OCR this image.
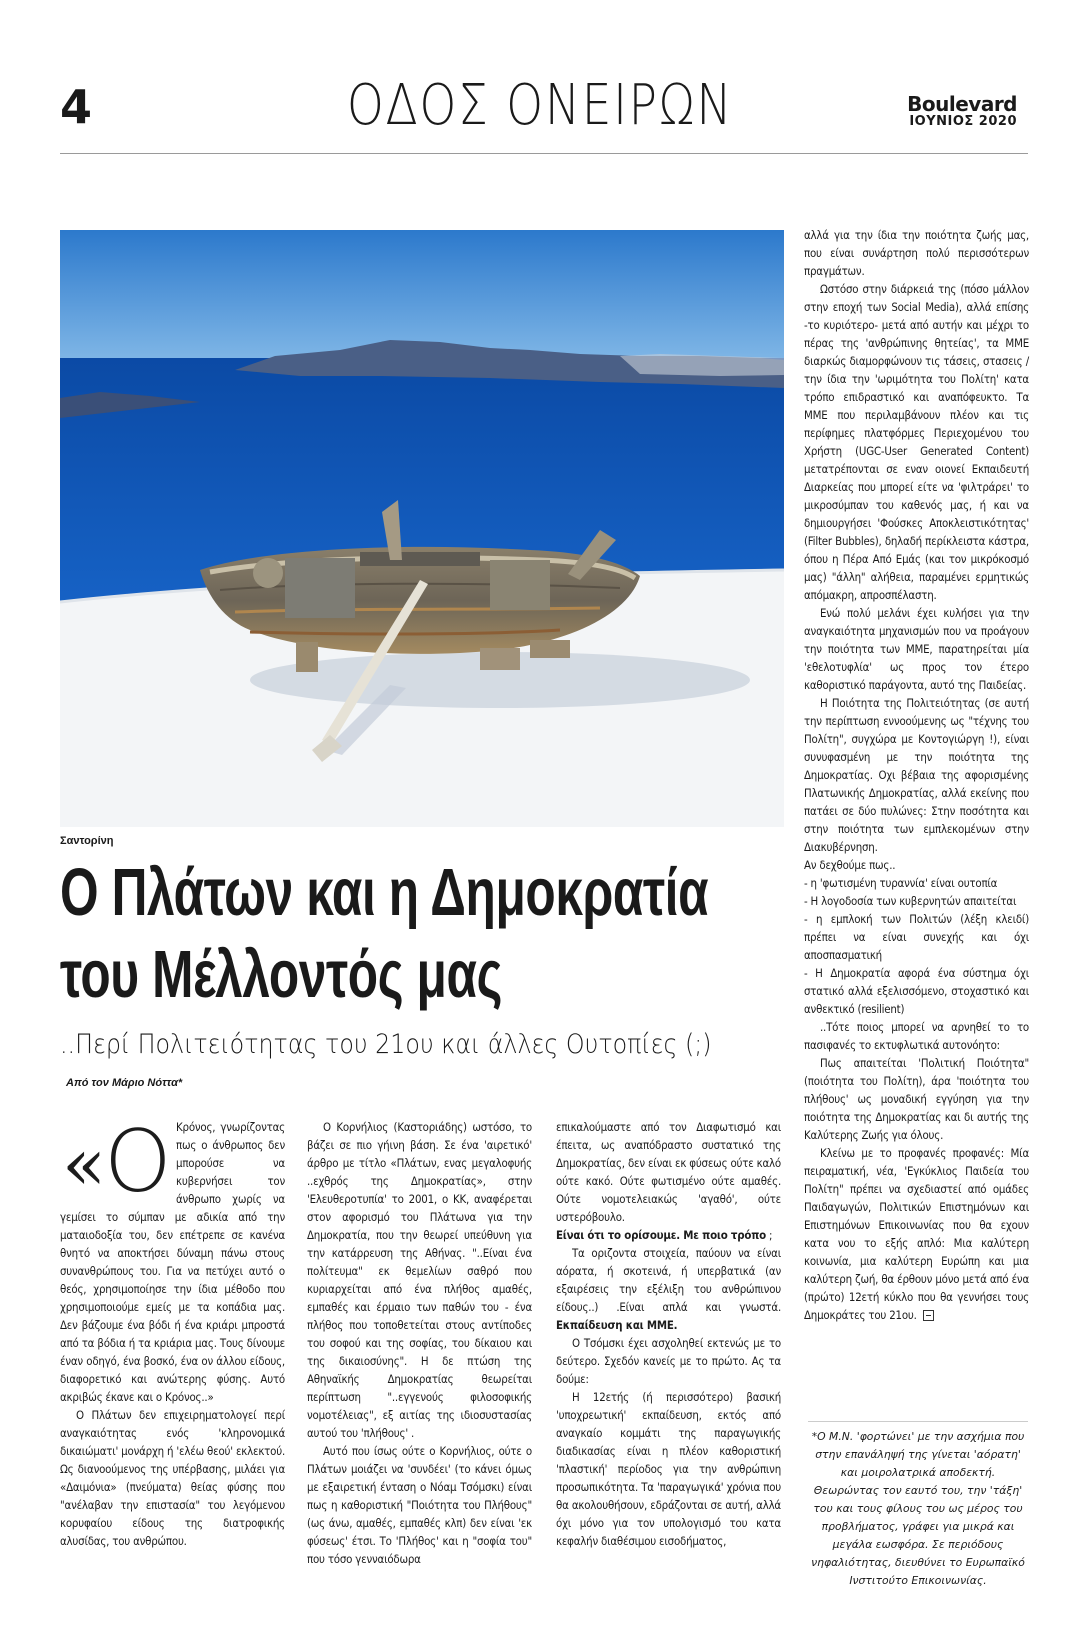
4	ΟΔΟΣ ΟΝΕΙΡΩΝ	Boulevard
ΙΟΥΝΙΟΣ 2020
Σαντορίνη
Ο Πλάτων και η Δημοκρατία
του Μέλλοντός μας
..Περί Πολιτειότητας του 21ου και άλλες Ουτοπίες (;)
Από τον Μάριο Νόττα*

«
Ο Κρόνος, γνωρίζοντας πως ο άνθρωπος δεν μπορούσε να κυβερνήσει τον άνθρωπο χωρίς να γεμίσει το σύμπαν με αδικία από την ματαιοδοξία του, δεν επέτρεπε σε κανένα θνητό να αποκτήσει δύναμη πάνω στους συνανθρώπους του. Για να πετύχει αυτό ο θεός, χρησιμοποίησε την ίδια μέθοδο που χρησιμοποιούμε εμείς με τα κοπάδια μας. Δεν βάζουμε ένα βόδι ή ένα κριάρι μπροστά από τα βόδια ή τα κριάρια μας. Τους δίνουμε έναν οδηγό, ένα βοσκό, ένα ον άλλου είδους, διαφορετικό και ανώτερης φύσης. Αυτό ακριβώς έκανε και ο Κρόνος..»

Ο Πλάτων δεν επιχειρηματολογεί περί αναγκαιότητας ενός 'κληρονομικά δικαιώματι' μονάρχη ή 'ελέω θεού' εκλεκτού. Ως διανοούμενος της υπέρβασης, μιλάει για «Δαιμόνια» (πνεύματα) θείας φύσης που "ανέλαβαν την επιστασία" του λεγόμενου κορυφαίου είδους της διατροφικής αλυσίδας, του ανθρώπου.

Ο Κορνήλιος (Καστοριάδης) ωστόσο, το βάζει σε πιο γήινη βάση. Σε ένα 'αιρετικό' άρθρο με τίτλο «Πλάτων, ενας μεγαλοφυής ..εχθρός της Δημοκρατίας», στην 'Ελευθεροτυπία' το 2001, ο ΚΚ, αναφέρεται στον αφορισμό του Πλάτωνα για την Δημοκρατία, που την θεωρεί υπεύθυνη για την κατάρρευση της Αθήνας. "..Είναι ένα πολίτευμα" εκ θεμελίων σαθρό που κυριαρχείται από ένα πλήθος αμαθές, εμπαθές και έρμαιο των παθών του - ένα πλήθος που τοποθετείται στους αντίποδες του σοφού και της σοφίας, του δίκαιου και της δικαιοσύνης". Η δε πτώση της Αθηναϊκής Δημοκρατίας θεωρείται περίπτωση "..εγγενούς φιλοσοφικής νομοτέλειας", εξ αιτίας της ιδιοσυστασίας αυτού του 'πλήθους' .

Αυτό που ίσως ούτε ο Κορνήλιος, ούτε ο Πλάτων μοιάζει να 'συνδέει' (το κάνει όμως με εξαιρετική ένταση ο Νόαμ Τσόμσκι) είναι πως η καθοριστική "Ποιότητα του Πλήθους" (ως άνω, αμαθές, εμπαθές κλπ) δεν είναι 'εκ φύσεως' έτσι. Το 'Πλήθος' και η "σοφία του" που τόσο γενναιόδωρα

επικαλούμαστε από τον Διαφωτισμό και έπειτα, ως αναπόδραστο συστατικό της Δημοκρατίας, δεν είναι εκ φύσεως ούτε καλό ούτε κακό. Ούτε φωτισμένο ούτε αμαθές. Ούτε νομοτελειακώς 'αγαθό', ούτε υστερόβουλο.

Είναι ότι το ορίσουμε. Με ποιο τρόπο ;

Τα οριζοντα στοιχεία, παύουν να είναι αόρατα, ή σκοτεινά, ή υπερβατικά (αν εξαιρέσεις την εξέλιξη του ανθρώπινου είδους..) .Είναι απλά και γνωστά. Εκπαίδευση και ΜΜΕ.

Ο Τσόμσκι έχει ασχοληθεί εκτενώς με το δεύτερο. Σχεδόν κανείς με το πρώτο. Ας τα δούμε:

Η 12ετής (ή περισσότερο) βασική 'υποχρεωτική' εκπαίδευση, εκτός από αναγκαίο κομμάτι της παραγωγικής διαδικασίας είναι η πλέον καθοριστική 'πλαστική' περίοδος για την ανθρώπινη προσωπικότητα. Τα 'παραγωγικά' χρόνια που θα ακολουθήσουν, εδράζονται σε αυτή, αλλά όχι μόνο για τον υπολογισμό του κατα κεφαλήν διαθέσιμου εισοδήματος,

αλλά για την ίδια την ποιότητα ζωής μας, που είναι συνάρτηση πολύ περισσότερων πραγμάτων.

Ωστόσο στην διάρκειά της (πόσο μάλλον στην εποχή των Social Media), αλλά επίσης -το κυριότερο- μετά από αυτήν και μέχρι το πέρας της 'ανθρώπινης θητείας', τα ΜΜΕ διαρκώς διαμορφώνουν τις τάσεις, στασεις / την ίδια την 'ωριμότητα του Πολίτη' κατα τρόπο επιδραστικό και αναπόφευκτο. Τα ΜΜΕ που περιλαμβάνουν πλέον και τις περίφημες πλατφόρμες Περιεχομένου του Χρήστη (UGC-User Generated Content) μετατρέπονται σε εναν οιονεί Εκπαιδευτή Διαρκείας που μπορεί είτε να 'φιλτράρει' το μικροσύμπαν του καθενός μας, ή και να δημιουργήσει 'Φούσκες Αποκλειστικότητας' (Filter Bubbles), δηλαδή περίκλειστα κάστρα, όπου η Πέρα Από Εμάς (και τον μικρόκοσμό μας) "άλλη" αλήθεια, παραμένει ερμητικώς απόμακρη, απροσπέλαστη.

Ενώ πολύ μελάνι έχει κυλήσει για την αναγκαιότητα μηχανισμών που να προάγουν την ποιότητα των ΜΜΕ, παρατηρείται μία 'εθελοτυφλία' ως προς τον έτερο καθοριστικό παράγοντα, αυτό της Παιδείας.

Η Ποιότητα της Πολιτειότητας (σε αυτή την περίπτωση εννοούμενης ως "τέχνης του Πολίτη", συγχώρα με Κοντογιώργη !), είναι συνυφασμένη με την ποιότητα της Δημοκρατίας. Οχι βέβαια της αφορισμένης Πλατωνικής Δημοκρατίας, αλλά εκείνης που πατάει σε δύο πυλώνες: Στην ποσότητα και στην ποιότητα των εμπλεκομένων στην Διακυβέρνηση.

Αν δεχθούμε πως..

- η 'φωτισμένη τυραννία' είναι ουτοπία

- Η λογοδοσία των κυβερνητών απαιτείται

- η εμπλοκή των Πολιτών (λέξη κλειδί) πρέπει να είναι συνεχής και όχι αποσπασματική

- Η Δημοκρατία αφορά ένα σύστημα όχι στατικό αλλά εξελισσόμενο, στοχαστικό και ανθεκτικό (resilient)

..Τότε ποιος μπορεί να αρνηθεί το το πασιφανές το εκτυφλωτικά αυτονόητο:

Πως απαιτείται 'Πολιτική Ποιότητα" (ποιότητα του Πολίτη), άρα 'ποιότητα του πλήθους' ως μοναδική εγγύηση για την ποιότητα της Δημοκρατίας και δι αυτής της Καλύτερης Ζωής για όλους.

Κλείνω με το προφανές προφανές: Μία πειραματική, νέα, 'Εγκύκλιος Παιδεία του Πολίτη" πρέπει να σχεδιαστεί από ομάδες Παιδαγωγών, Πολιτικών Επιστημόνων και Επιστημόνων Επικοινωνίας που θα εχουν κατα νου το εξής απλό: Μια καλύτερη κοινωνία, μια καλύτερη Ευρώπη και μια καλύτερη ζωή, θα έρθουν μόνο μετά από ένα (πρώτο) 12ετή κύκλο που θα γεννήσει τους Δημοκράτες του 21ου.

*Ο Μ.Ν. 'φορτώνει' με την ασχήμια που στην επανάληψή της γίνεται 'αόρατη' και μοιρολατρικά αποδεκτή. Θεωρώντας τον εαυτό του, την 'τάξη' του και τους φίλους του ως μέρος του προβλήματος, γράφει για μικρά και μεγάλα εωσφόρα. Σε περιόδους νηφαλιότητας, διευθύνει το Ευρωπαϊκό Ινστιτούτο Επικοινωνίας.
